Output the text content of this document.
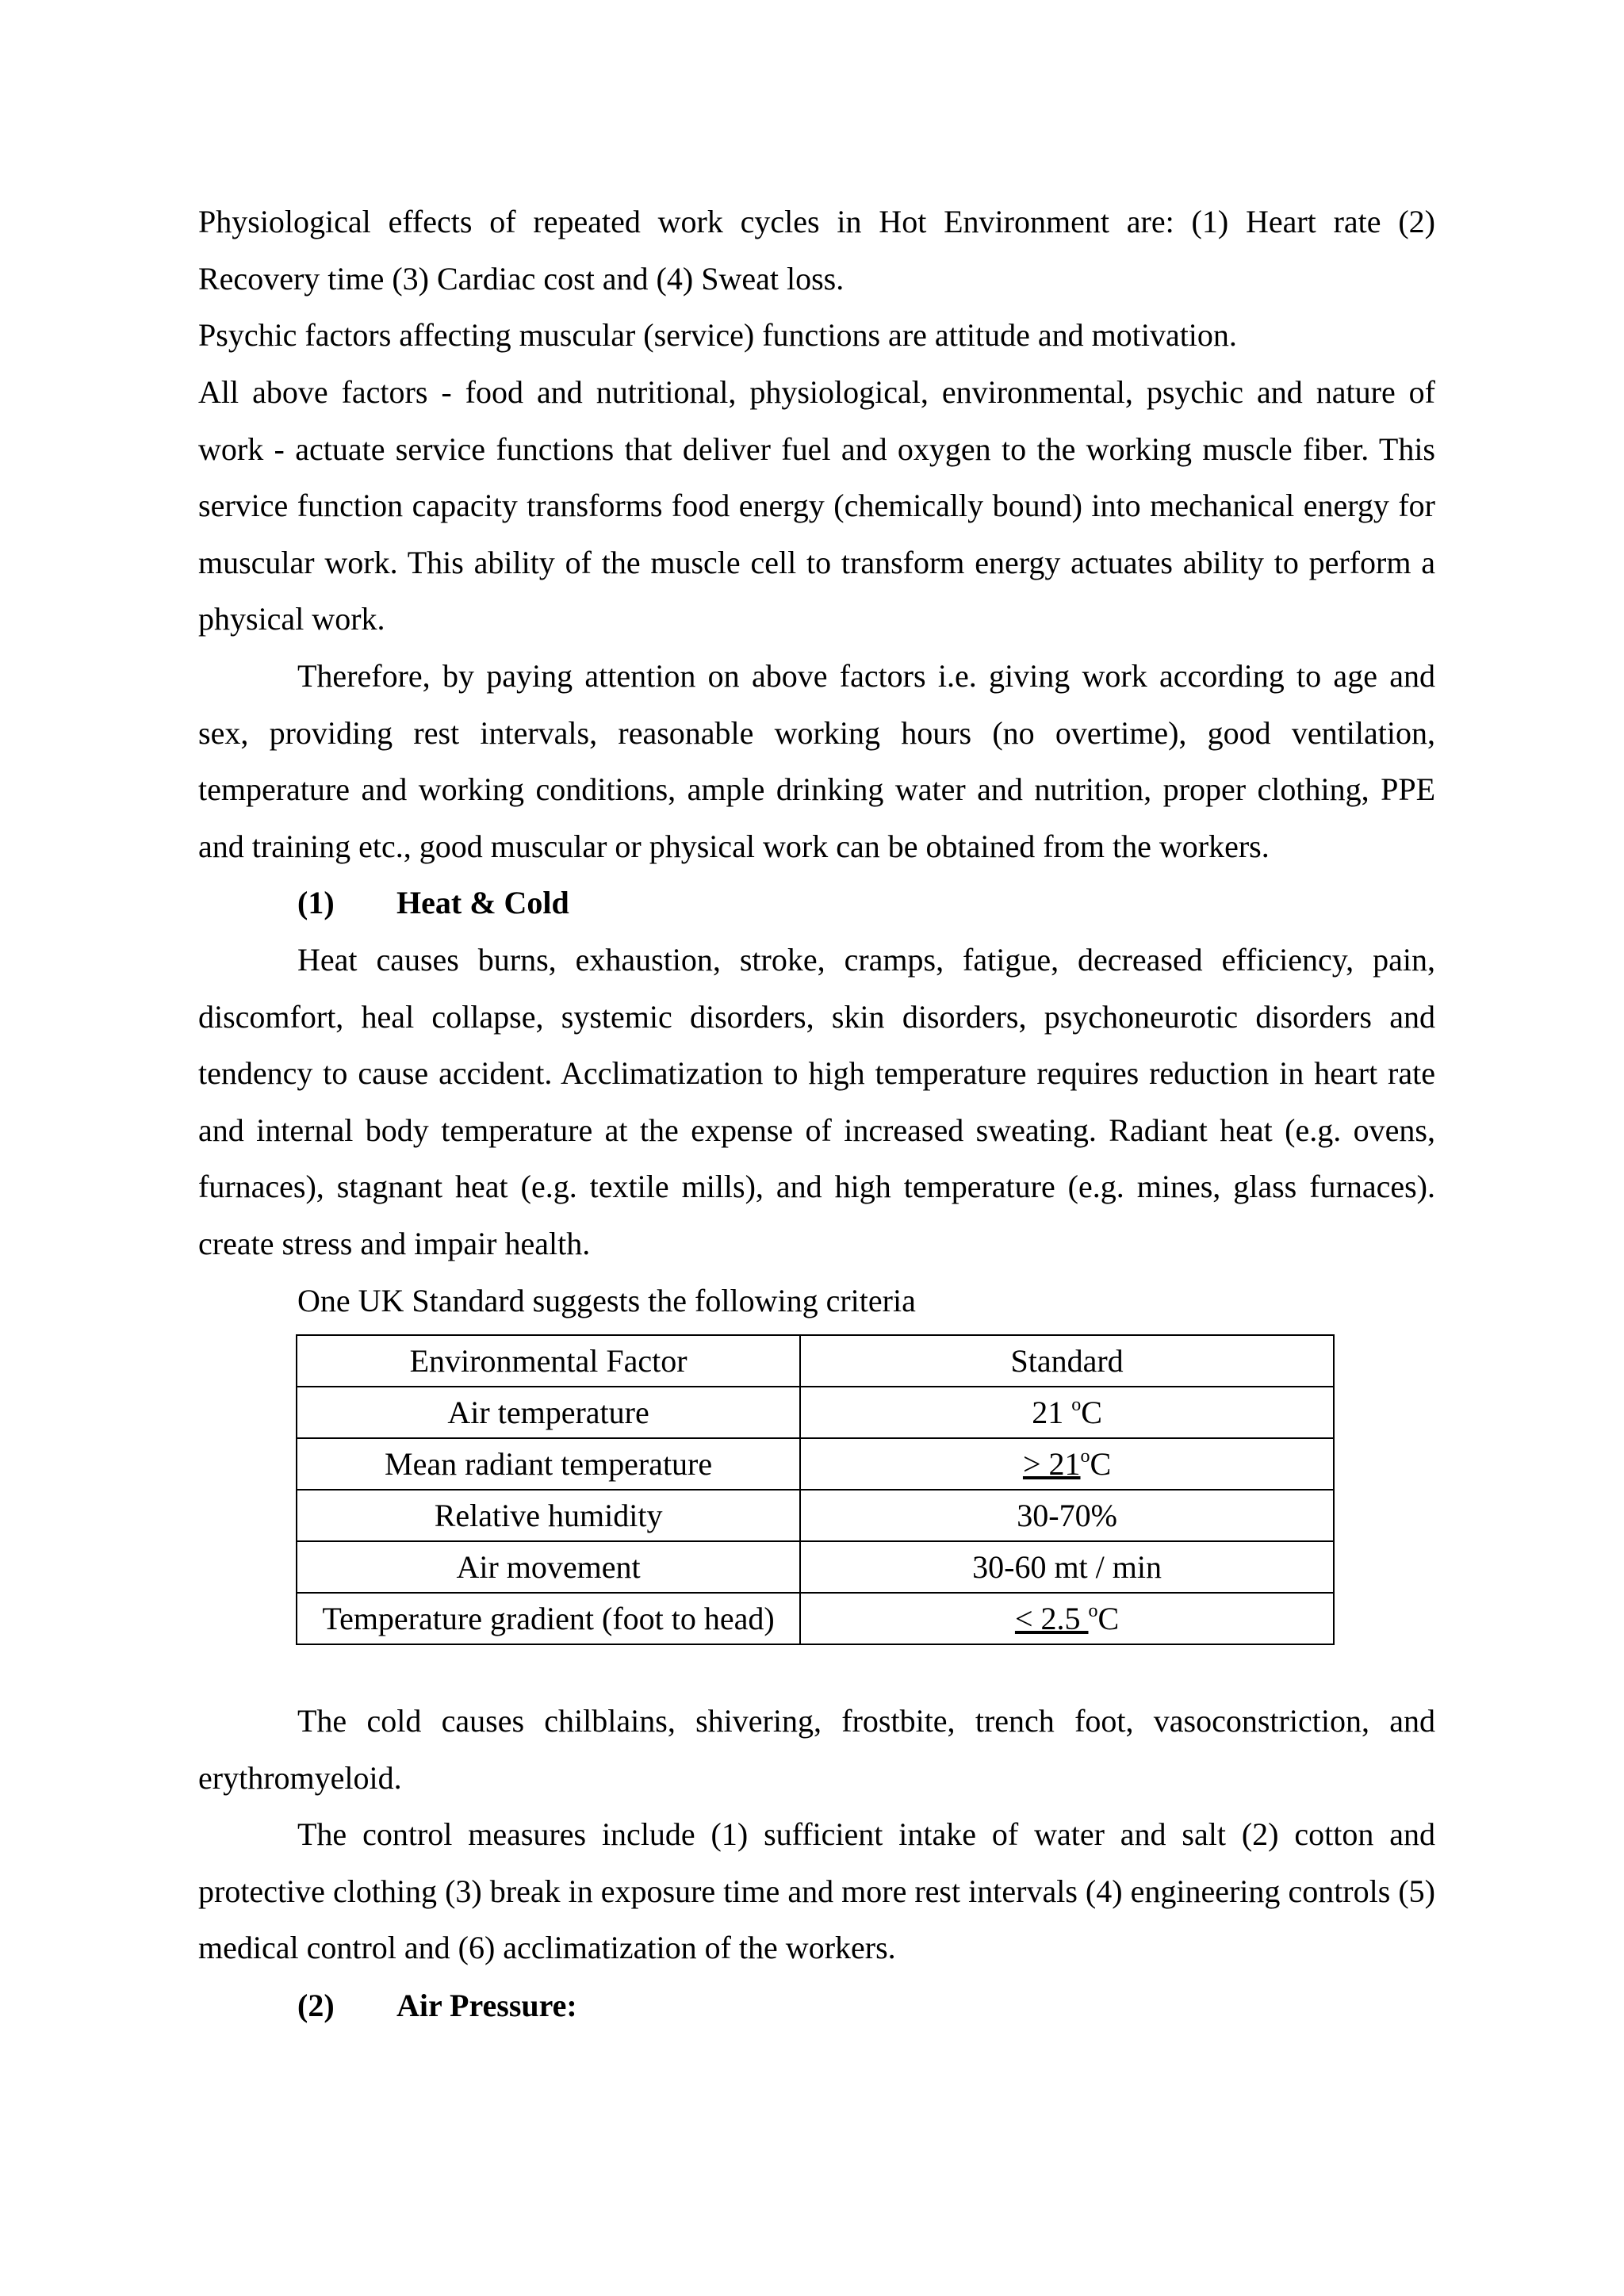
Physiological effects of repeated work cycles in Hot Environment are: (1) Heart rate (2) Recovery time (3) Cardiac cost and (4) Sweat loss.

Psychic factors affecting muscular (service) functions are attitude and motivation.

All above factors - food and nutritional, physiological, environmental, psychic and nature of work - actuate service functions that deliver fuel and oxygen to the working muscle fiber. This service function capacity transforms food energy (chemically bound) into mechanical energy for muscular work. This ability of the muscle cell to transform energy actuates ability to perform a physical work.

Therefore, by paying attention on above factors i.e. giving work according to age and sex, providing rest intervals, reasonable working hours (no overtime), good ventilation, temperature and working conditions, ample drinking water and nutrition, proper clothing, PPE and training etc., good muscular or physical work can be obtained from the workers.

(1) Heat & Cold

Heat causes burns, exhaustion, stroke, cramps, fatigue, decreased efficiency, pain, discomfort, heal collapse, systemic disorders, skin disorders, psychoneurotic disorders and tendency to cause accident. Acclimatization to high temperature requires reduction in heart rate and internal body temperature at the expense of increased sweating. Radiant heat (e.g. ovens, furnaces), stagnant heat (e.g. textile mills), and high temperature (e.g. mines, glass furnaces). create stress and impair health.

One UK Standard suggests the following criteria

Environmental Factor	Standard
Air temperature	21 $^o$C
Mean radiant temperature	> $21^oC$
Relative humidity	30-70%
Air movement	30-60 mt / min
Temperature gradient (foot to head)	< 2.5 $^o$C

The cold causes chilblains, shivering, frostbite, trench foot, vasoconstriction, and erythromyeloid.

The control measures include (1) sufficient intake of water and salt (2) cotton and protective clothing (3) break in exposure time and more rest intervals (4) engineering controls (5) medical control and (6) acclimatization of the workers.

(2) Air Pressure:
